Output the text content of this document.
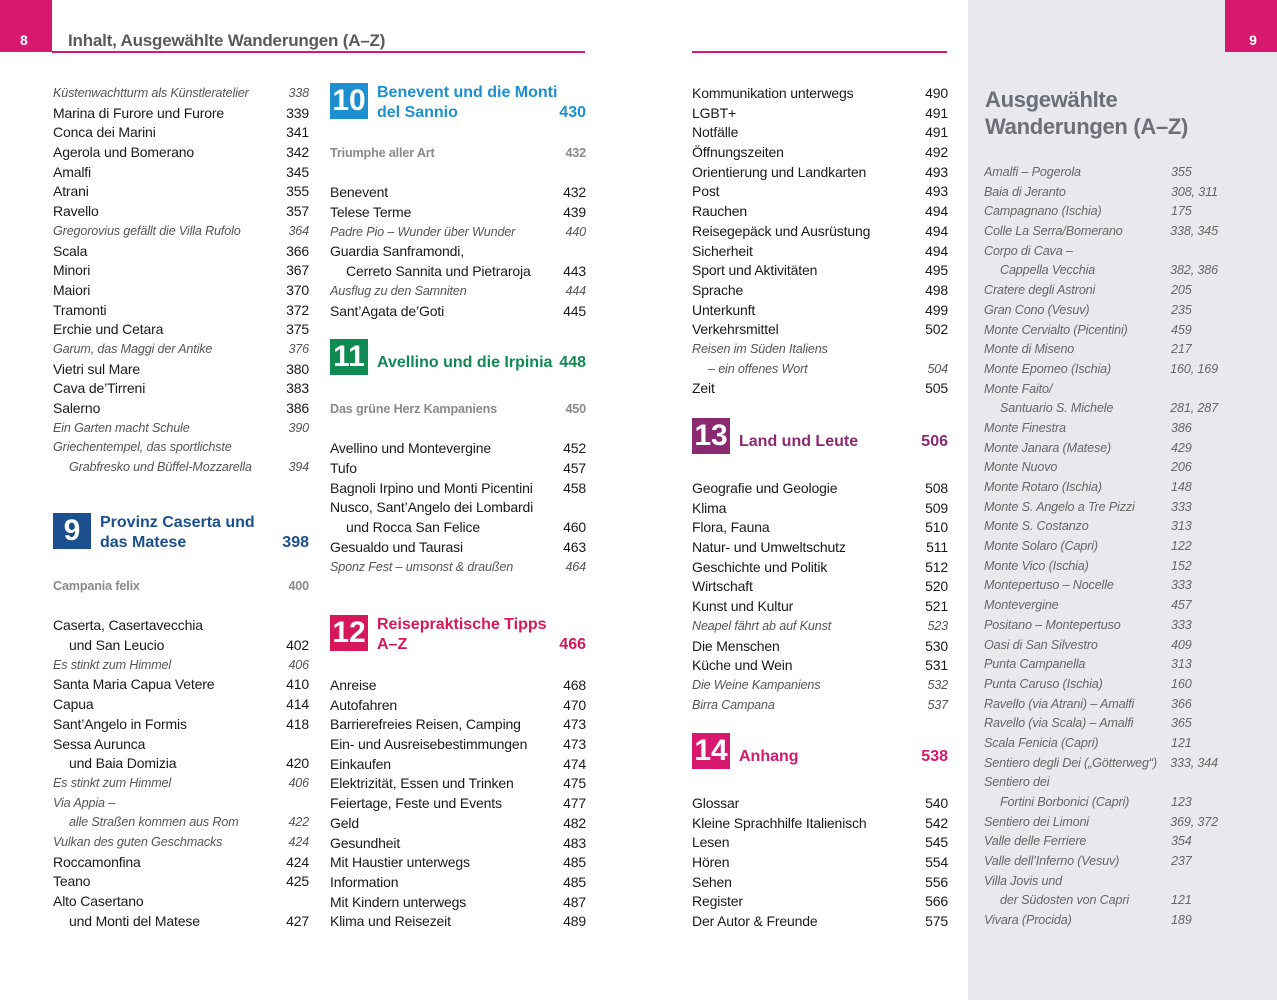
8	Inhalt, Ausgewählte Wanderungen (A–Z)	9
Küstenwachtturm als Künstleratelier	338
Marina di Furore und Furore	339
Conca dei Marini	341
Agerola und Bomerano	342
Amalfi	345
Atrani	355
Ravello	357
Gregorovius gefällt die Villa Rufolo	364
Scala	366
Minori	367
Maiori	370
Tramonti	372
Erchie und Cetara	375
Garum, das Maggi der Antike	376
Vietri sul Mare	380
Cava de’Tirreni	383
Salerno	386
Ein Garten macht Schule	390
Griechentempel, das sportlichste
Grabfresko und Büffel-Mozzarella	394
9	Provinz Caserta und das Matese	398
Campania felix	400
Caserta, Casertavecchia
und San Leucio	402
Es stinkt zum Himmel	406
Santa Maria Capua Vetere	410
Capua	414
Sant’Angelo in Formis	418
Sessa Aurunca
und Baia Domizia	420
Es stinkt zum Himmel	406
Via Appia –
alle Straßen kommen aus Rom	422
Vulkan des guten Geschmacks	424
Roccamonfina	424
Teano	425
Alto Casertano
und Monti del Matese	427
10 Benevent und die Monti del Sannio	430
Triumphe aller Art	432
Benevent	432
Telese Terme	439
Padre Pio – Wunder über Wunder	440
Guardia Sanframondi,
Cerreto Sannita und Pietraroja 443
Ausflug zu den Samniten	444
Sant’Agata de’Goti	445
11 Avellino und die Irpinia 448
Das grüne Herz Kampaniens	450
Avellino und Montevergine	452
Tufo	457
Bagnoli Irpino und Monti Picentini 458
Nusco, Sant’Angelo dei Lombardi
und Rocca San Felice	460
Gesualdo und Taurasi	463
Sponz Fest – umsonst & draußen	464
12 Reisepraktische Tipps A–Z	466
Anreise	468
Autofahren	470
Barrierefreies Reisen, Camping	473
Ein- und Ausreisebestimmungen	473
Einkaufen	474
Elektrizität, Essen und Trinken	475
Feiertage, Feste und Events	477
Geld	482
Gesundheit	483
Mit Haustier unterwegs	485
Information	485
Mit Kindern unterwegs	487
Klima und Reisezeit	489
Kommunikation unterwegs	490
LGBT+	491
Notfälle	491
Öffnungszeiten	492
Orientierung und Landkarten	493
Post	493
Rauchen	494
Reisegepäck und Ausrüstung	494
Sicherheit	494
Sport und Aktivitäten	495
Sprache	498
Unterkunft	499
Verkehrsmittel	502
Reisen im Süden Italiens
– ein offenes Wort	504
Zeit	505
13 Land und Leute	506
Geografie und Geologie	508
Klima	509
Flora, Fauna	510
Natur- und Umweltschutz	511
Geschichte und Politik	512
Wirtschaft	520
Kunst und Kultur	521
Neapel fährt ab auf Kunst	523
Die Menschen	530
Küche und Wein	531
Die Weine Kampaniens	532
Birra Campana	537
14 Anhang	538
Glossar	540
Kleine Sprachhilfe Italienisch	542
Lesen	545
Hören	554
Sehen	556
Register	566
Der Autor & Freunde	575
Ausgewählte Wanderungen (A–Z)
Amalfi – Pogerola	355
Baia di Jeranto	308, 311
Campagnano (Ischia)	175
Colle La Serra/Bomerano	338, 345
Corpo di Cava –
Cappella Vecchia	382, 386
Cratere degli Astroni	205
Gran Cono (Vesuv)	235
Monte Cervialto (Picentini)	459
Monte di Miseno	217
Monte Epomeo (Ischia)	160, 169
Monte Faito/
Santuario S. Michele	281, 287
Monte Finestra	386
Monte Janara (Matese)	429
Monte Nuovo	206
Monte Rotaro (Ischia)	148
Monte S. Angelo a Tre Pizzi	333
Monte S. Costanzo	313
Monte Solaro (Capri)	122
Monte Vico (Ischia)	152
Montepertuso – Nocelle	333
Montevergine	457
Positano – Montepertuso	333
Oasi di San Silvestro	409
Punta Campanella	313
Punta Caruso (Ischia)	160
Ravello (via Atrani) – Amalfi	366
Ravello (via Scala) – Amalfi	365
Scala Fenicia (Capri)	121
Sentiero degli Dei („Götterweg“)	333, 344
Sentiero dei
Fortini Borbonici (Capri)	123
Sentiero dei Limoni	369, 372
Valle delle Ferriere	354
Valle dell’Inferno (Vesuv)	237
Villa Jovis und
der Südosten von Capri	121
Vivara (Procida)	189
